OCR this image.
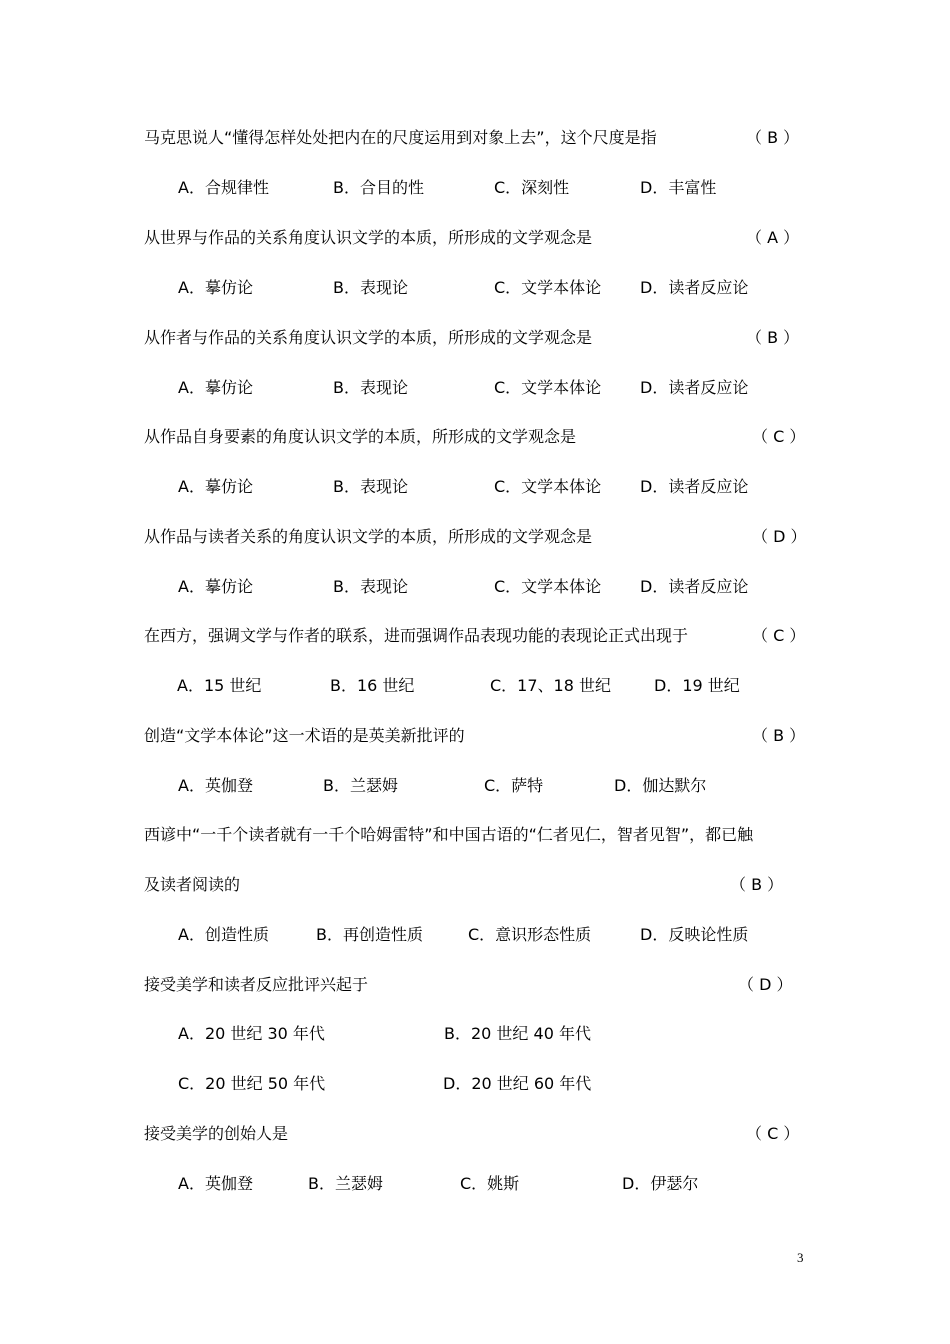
马克思说人“懂得怎样处处把内在的尺度运用到对象上去”，这个尺度是指	（ B ）
A．合规律性	B．合目的性	C．深刻性	D．丰富性
从世界与作品的关系角度认识文学的本质，所形成的文学观念是	（ A ）
A．摹仿论	B．表现论	C．文学本体论 D．读者反应论
从作者与作品的关系角度认识文学的本质，所形成的文学观念是	（ B ）
A．摹仿论	B．表现论	C．文学本体论 D．读者反应论
从作品自身要素的角度认识文学的本质，所形成的文学观念是	（ C ）
A．摹仿论	B．表现论	C．文学本体论 D．读者反应论
从作品与读者关系的角度认识文学的本质，所形成的文学观念是	（ D ）
A．摹仿论	B．表现论	C．文学本体论 D．读者反应论
在西方，强调文学与作者的联系，进而强调作品表现功能的表现论正式出现于	（ C ）
A．15 世纪	B．16 世纪	C．17、18 世纪	D．19 世纪
创造“文学本体论”这一术语的是英美新批评的	（ B ）
A．英伽登	B．兰瑟姆	C．萨特	D．伽达默尔
西谚中“一千个读者就有一千个哈姆雷特”和中国古语的“仁者见仁，智者见智”，都已触
及读者阅读的	（ B ）
A．创造性质	B．再创造性质	C．意识形态性质	D．反映论性质
接受美学和读者反应批评兴起于	（ D ）
A．20 世纪 30 年代	B．20 世纪 40 年代
C．20 世纪 50 年代	D．20 世纪 60 年代
接受美学的创始人是	（ C ）
A．英伽登	B．兰瑟姆	C．姚斯	D．伊瑟尔
3
